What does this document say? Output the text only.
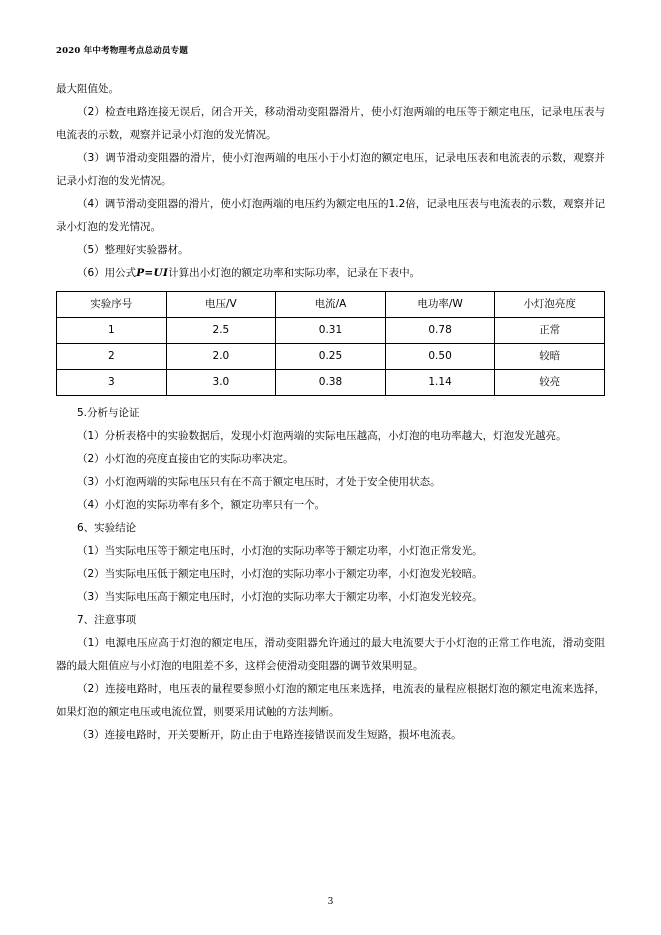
2020 年中考物理考点总动员专题

最大阻值处。

（2）检查电路连接无误后，闭合开关，移动滑动变阻器滑片，使小灯泡两端的电压等于额定电压，记录电压表与电流表的示数，观察并记录小灯泡的发光情况。

（3）调节滑动变阻器的滑片，使小灯泡两端的电压小于小灯泡的额定电压，记录电压表和电流表的示数，观察并记录小灯泡的发光情况。

（4）调节滑动变阻器的滑片，使小灯泡两端的电压约为额定电压的1.2倍，记录电压表与电流表的示数，观察并记录小灯泡的发光情况。

（5）整理好实验器材。

（6）用公式P=UI计算出小灯泡的额定功率和实际功率，记录在下表中。

实验序号	电压/V	电流/A	电功率/W	小灯泡亮度
1	2.5	0.31	0.78	正常
2	2.0	0.25	0.50	较暗
3	3.0	0.38	1.14	较亮

5.分析与论证

（1）分析表格中的实验数据后，发现小灯泡两端的实际电压越高，小灯泡的电功率越大，灯泡发光越亮。

（2）小灯泡的亮度直接由它的实际功率决定。

（3）小灯泡两端的实际电压只有在不高于额定电压时，才处于安全使用状态。

（4）小灯泡的实际功率有多个，额定功率只有一个。

6、实验结论

（1）当实际电压等于额定电压时，小灯泡的实际功率等于额定功率，小灯泡正常发光。

（2）当实际电压低于额定电压时，小灯泡的实际功率小于额定功率，小灯泡发光较暗。

（3）当实际电压高于额定电压时，小灯泡的实际功率大于额定功率，小灯泡发光较亮。

7、注意事项

（1）电源电压应高于灯泡的额定电压，滑动变阻器允许通过的最大电流要大于小灯泡的正常工作电流，滑动变阻器的最大阻值应与小灯泡的电阻差不多，这样会使滑动变阻器的调节效果明显。

（2）连接电路时，电压表的量程要参照小灯泡的额定电压来选择，电流表的量程应根据灯泡的额定电流来选择，如果灯泡的额定电压或电流位置，则要采用试触的方法判断。

（3）连接电路时，开关要断开，防止由于电路连接错误而发生短路，损坏电流表。

3
